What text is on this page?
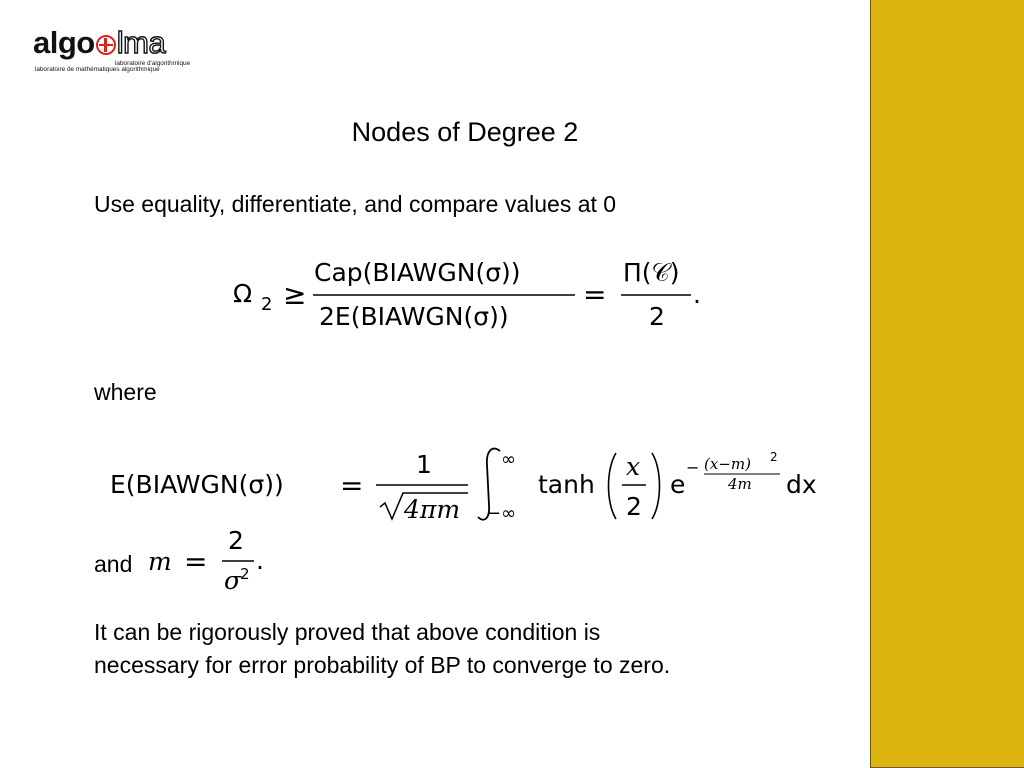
algo lma
laboratoire d'algorithmique
laboratoire de mathématiques algorithmique
Nodes of Degree 2
Use equality, differentiate, and compare values at 0
Ω 2 ≥
Cap(BIAWGN(σ))
2E(BIAWGN(σ))
=
Π(𝒞)
2
.
where
E(BIAWGN(σ)) =
1
4πm
∞
−∞
tanh
x
2
e
− (x−m) 2
4m dx
and m =
2
σ
2 .
It can be rigorously proved that above condition is
necessary for error probability of BP to converge to zero.
